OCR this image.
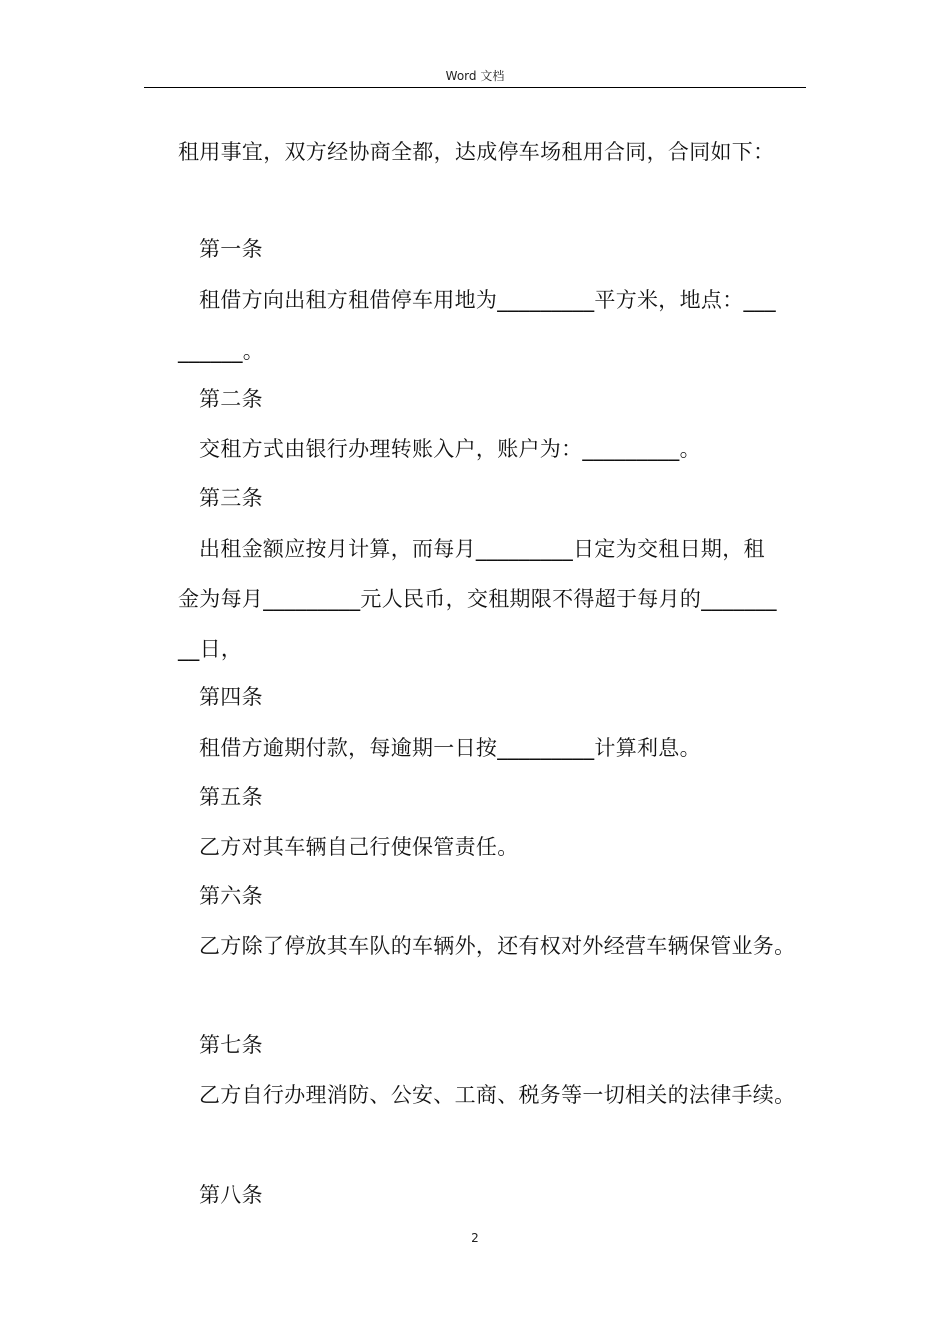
Word 文档
租用事宜，双方经协商全都，达成停车场租用合同，合同如下：
第一条
租借方向出租方租借停车用地为_________平方米，地点：___
______。
第二条
交租方式由银行办理转账入户，账户为：_________。
第三条
出租金额应按月计算，而每月_________日定为交租日期，租
金为每月_________元人民币，交租期限不得超于每月的_______
__日，
第四条
租借方逾期付款，每逾期一日按_________计算利息。
第五条
乙方对其车辆自己行使保管责任。
第六条
乙方除了停放其车队的车辆外，还有权对外经营车辆保管业务。
第七条
乙方自行办理消防、公安、工商、税务等一切相关的法律手续。
第八条
2
